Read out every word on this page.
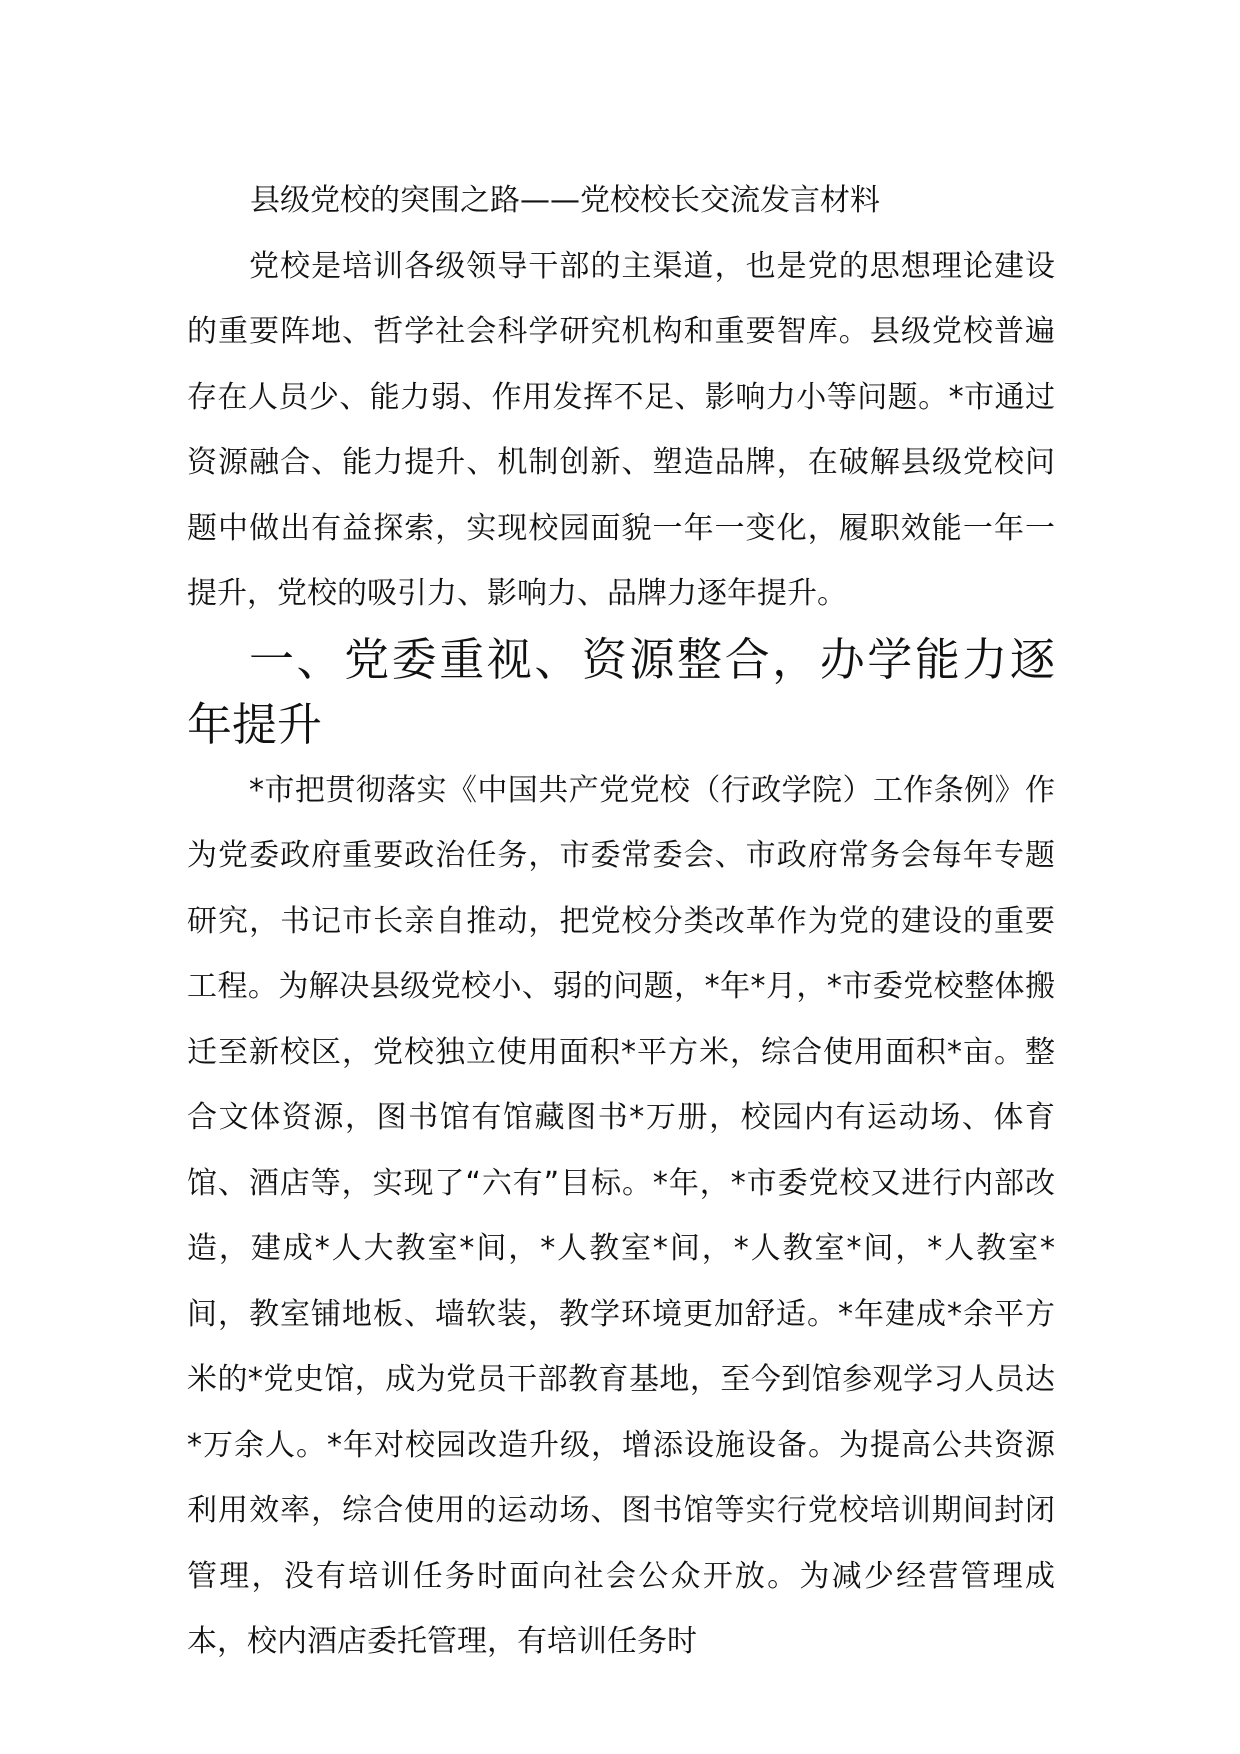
县级党校的突围之路——党校校长交流发言材料

党校是培训各级领导干部的主渠道，也是党的思想理论建设的重要阵地、哲学社会科学研究机构和重要智库。县级党校普遍存在人员少、能力弱、作用发挥不足、影响力小等问题。*市通过资源融合、能力提升、机制创新、塑造品牌，在破解县级党校问题中做出有益探索，实现校园面貌一年一变化，履职效能一年一提升，党校的吸引力、影响力、品牌力逐年提升。

一、党委重视、资源整合，办学能力逐年提升

*市把贯彻落实《中国共产党党校（行政学院）工作条例》作为党委政府重要政治任务，市委常委会、市政府常务会每年专题研究，书记市长亲自推动，把党校分类改革作为党的建设的重要工程。为解决县级党校小、弱的问题，*年*月，*市委党校整体搬迁至新校区，党校独立使用面积*平方米，综合使用面积*亩。整合文体资源，图书馆有馆藏图书*万册，校园内有运动场、体育馆、酒店等，实现了“六有”目标。*年，*市委党校又进行内部改造，建成*人大教室*间，*人教室*间，*人教室*间，*人教室*间，教室铺地板、墙软装，教学环境更加舒适。*年建成*余平方米的*党史馆，成为党员干部教育基地，至今到馆参观学习人员达*万余人。*年对校园改造升级，增添设施设备。为提高公共资源利用效率，综合使用的运动场、图书馆等实行党校培训期间封闭管理，没有培训任务时面向社会公众开放。为减少经营管理成本，校内酒店委托管理，有培训任务时
